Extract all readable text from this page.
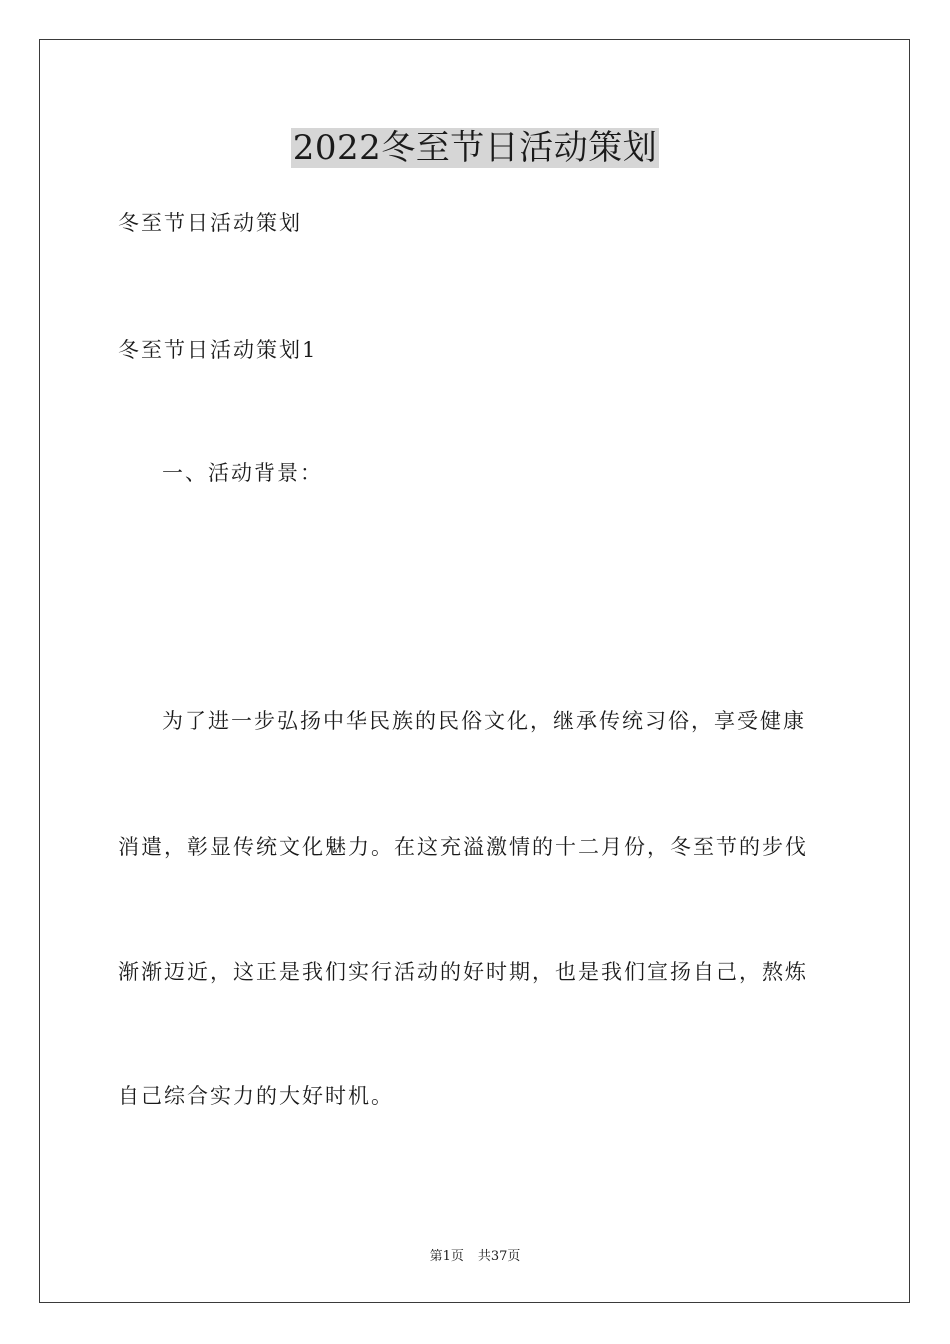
2022冬至节日活动策划
冬至节日活动策划
冬至节日活动策划1
一、活动背景：
为了进一步弘扬中华民族的民俗文化，继承传统习俗，享受健康
消遣，彰显传统文化魅力。在这充溢激情的十二月份，冬至节的步伐
渐渐迈近，这正是我们实行活动的好时期，也是我们宣扬自己，熬炼
自己综合实力的大好时机。
第1页 共37页
